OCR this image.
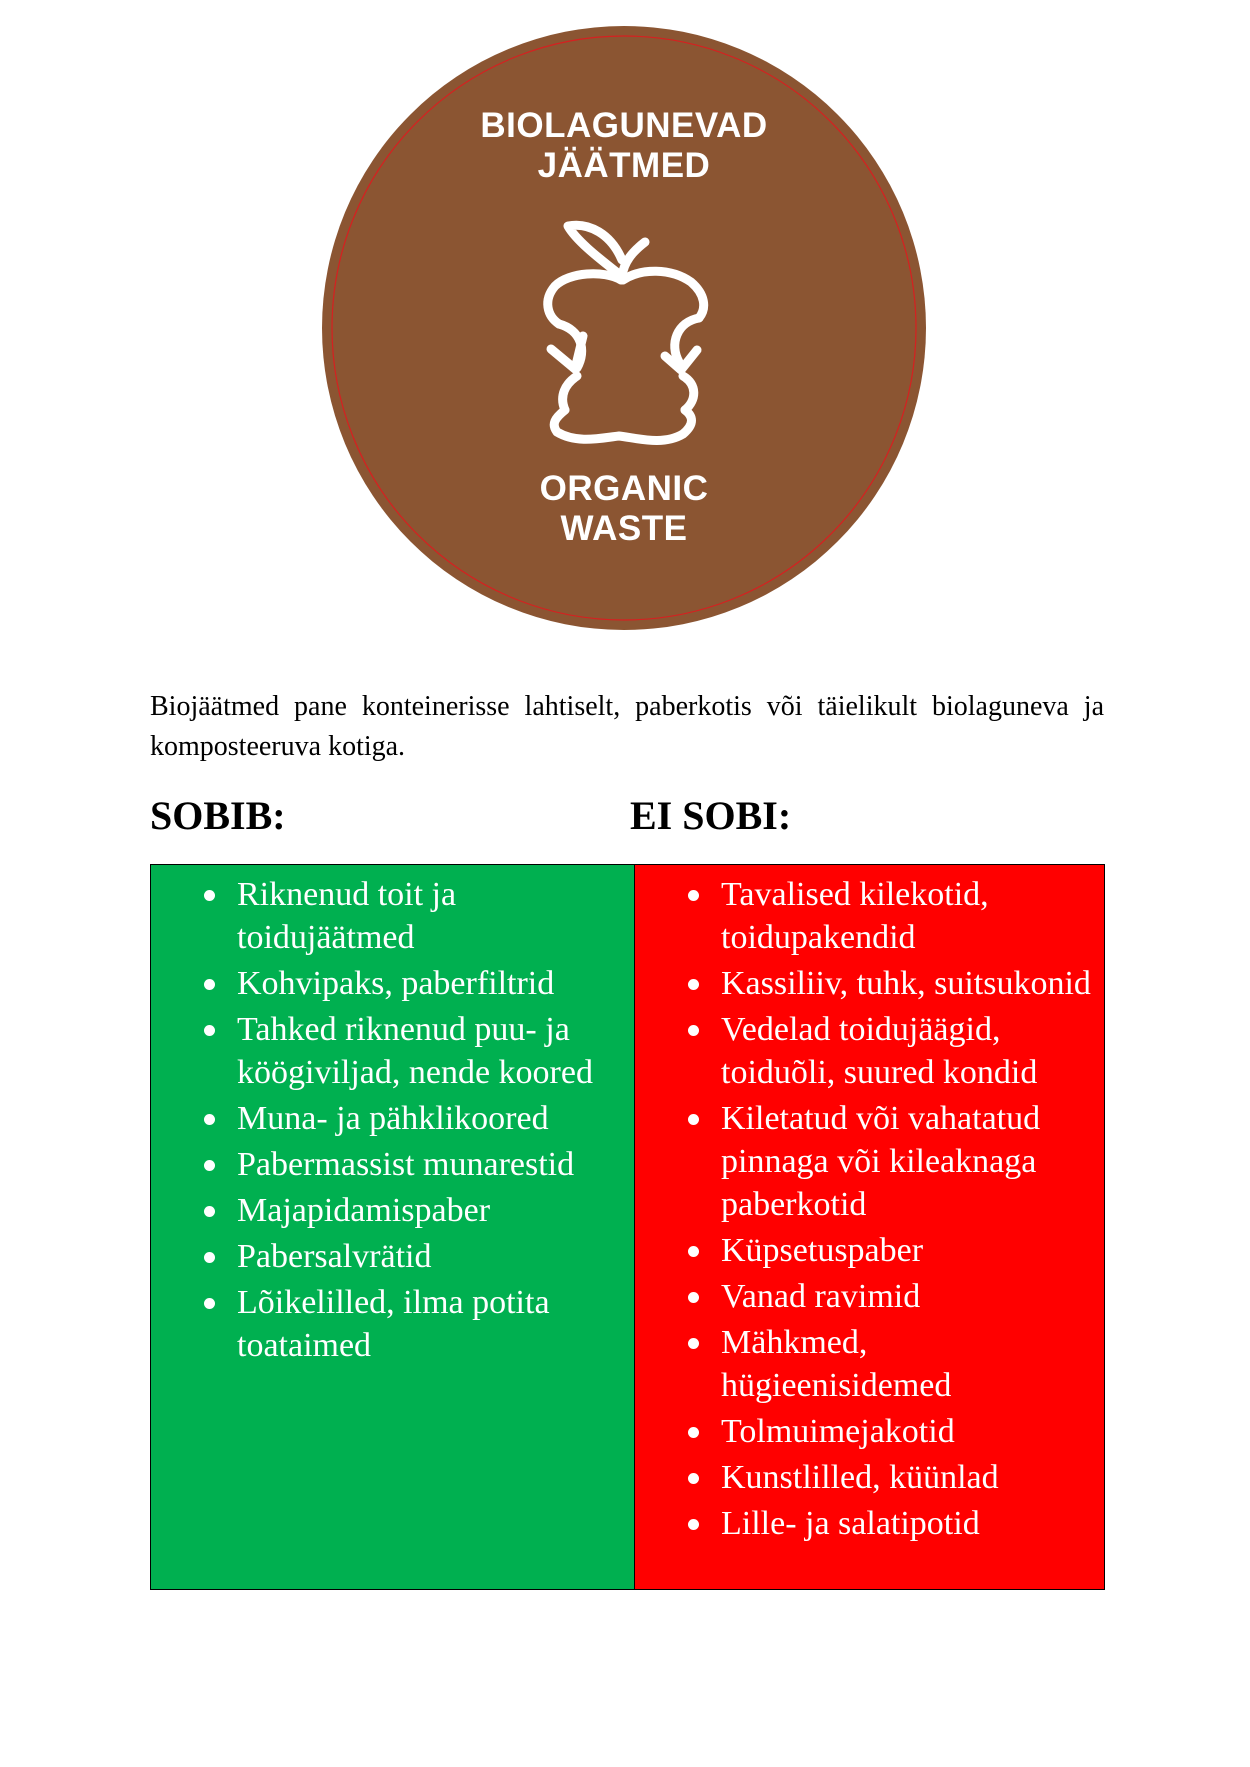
BIOLAGUNEVAD
JÄÄTMED
ORGANIC
WASTE

Biojäätmed pane konteinerisse lahtiselt, paberkotis või täielikult biolaguneva ja komposteeruva kotiga.

SOBIB:	EI SOBI:
Riknenud toit ja toidujäätmed
Kohvipaks, paberfiltrid
Tahked riknenud puu- ja köögiviljad, nende koored
Muna- ja pähklikoored
Pabermassist munarestid
Majapidamispaber
Pabersalvrätid
Lõikelilled, ilma potita toataimed
Tavalised kilekotid, toidupakendid
Kassiliiv, tuhk, suitsukonid
Vedelad toidujäägid, toiduõli, suured kondid
Kiletatud või vahatatud pinnaga või kileaknaga paberkotid
Küpsetuspaber
Vanad ravimid
Mähkmed, hügieenisidemed
Tolmuimejakotid
Kunstlilled, küünlad
Lille- ja salatipotid
